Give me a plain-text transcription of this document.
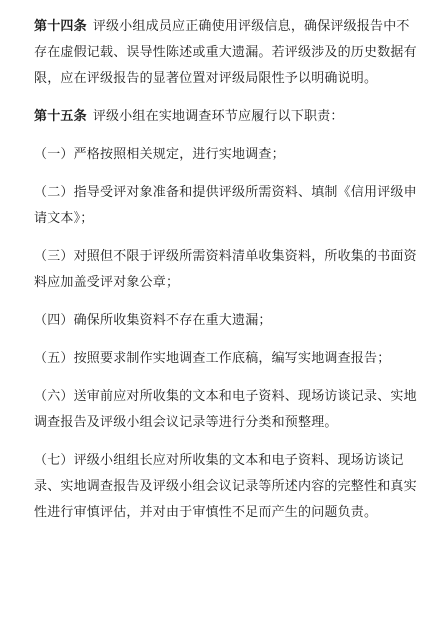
第十四条 评级小组成员应正确使用评级信息，确保评级报告中不存在虚假记载、误导性陈述或重大遗漏。若评级涉及的历史数据有限，应在评级报告的显著位置对评级局限性予以明确说明。

第十五条 评级小组在实地调查环节应履行以下职责：

（一）严格按照相关规定，进行实地调查；

（二）指导受评对象准备和提供评级所需资料、填制《信用评级申请文本》；

（三）对照但不限于评级所需资料清单收集资料，所收集的书面资料应加盖受评对象公章；

（四）确保所收集资料不存在重大遗漏；

（五）按照要求制作实地调查工作底稿，编写实地调查报告；

（六）送审前应对所收集的文本和电子资料、现场访谈记录、实地调查报告及评级小组会议记录等进行分类和预整理。

（七）评级小组组长应对所收集的文本和电子资料、现场访谈记录、实地调查报告及评级小组会议记录等所述内容的完整性和真实性进行审慎评估，并对由于审慎性不足而产生的问题负责。
